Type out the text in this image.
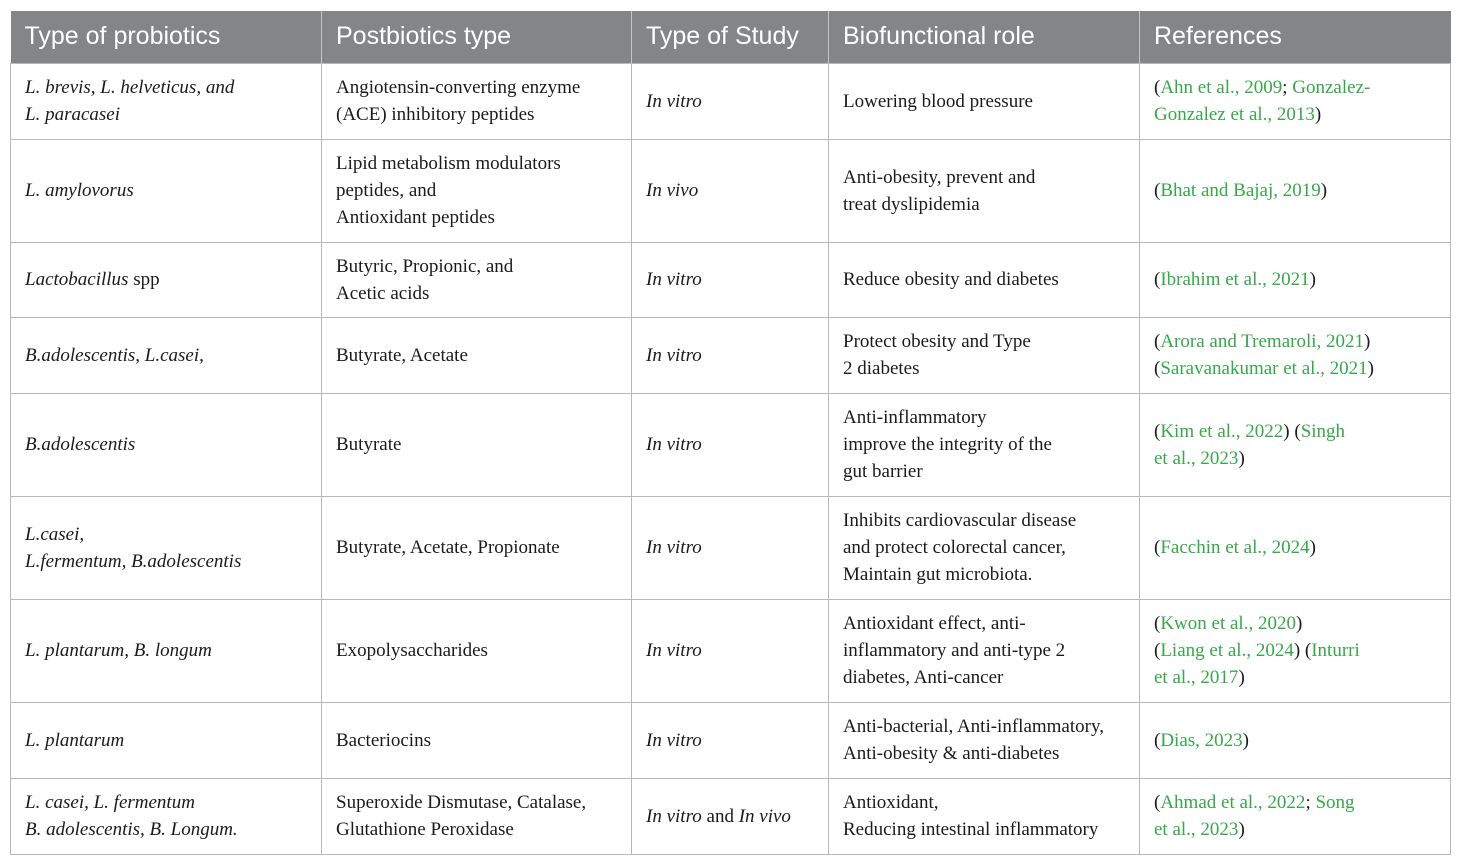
Type of probiotics	Postbiotics type	Type of Study	Biofunctional role	References

L. brevis, L. helveticus, and
L. paracasei	Angiotensin-converting enzyme
(ACE) inhibitory peptides	In vitro	Lowering blood pressure	(Ahn et al., 2009; Gonzalez-
Gonzalez et al., 2013)

L. amylovorus	Lipid metabolism modulators
peptides, and
Antioxidant peptides	In vivo	Anti-obesity, prevent and
treat dyslipidemia	(Bhat and Bajaj, 2019)

Lactobacillus spp	Butyric, Propionic, and
Acetic acids	In vitro	Reduce obesity and diabetes	(Ibrahim et al., 2021)

B.adolescentis, L.casei,	Butyrate, Acetate	In vitro	Protect obesity and Type
2 diabetes	(Arora and Tremaroli, 2021)
(Saravanakumar et al., 2021)

B.adolescentis	Butyrate	In vitro	Anti-inflammatory
improve the integrity of the
gut barrier	(Kim et al., 2022) (Singh
et al., 2023)

L.casei,
L.fermentum, B.adolescentis	Butyrate, Acetate, Propionate	In vitro	Inhibits cardiovascular disease
and protect colorectal cancer,
Maintain gut microbiota.	(Facchin et al., 2024)

L. plantarum, B. longum	Exopolysaccharides	In vitro	Antioxidant effect, anti-
inflammatory and anti-type 2
diabetes, Anti-cancer	(Kwon et al., 2020)
(Liang et al., 2024) (Inturri
et al., 2017)

L. plantarum	Bacteriocins	In vitro	Anti-bacterial, Anti-inflammatory,
Anti-obesity & anti-diabetes	(Dias, 2023)

L. casei, L. fermentum
B. adolescentis, B. Longum.	Superoxide Dismutase, Catalase,
Glutathione Peroxidase	In vitro and In vivo	Antioxidant,
Reducing intestinal inflammatory	(Ahmad et al., 2022; Song
et al., 2023)
